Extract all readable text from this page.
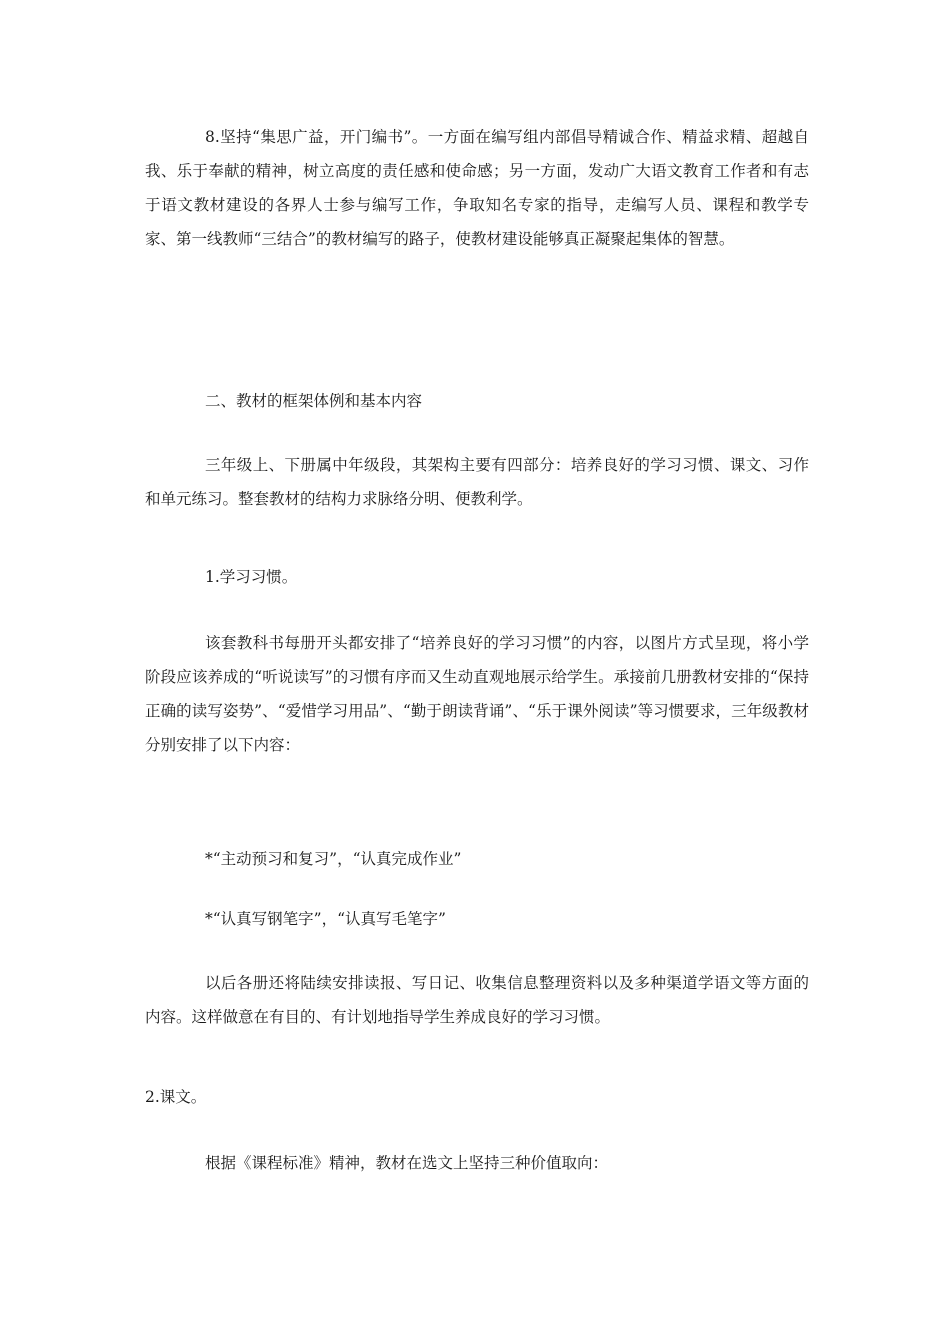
8.坚持“集思广益，开门编书”。一方面在编写组内部倡导精诚合作、精益求精、超越自我、乐于奉献的精神，树立高度的责任感和使命感；另一方面，发动广大语文教育工作者和有志于语文教材建设的各界人士参与编写工作，争取知名专家的指导，走编写人员、课程和教学专家、第一线教师“三结合”的教材编写的路子，使教材建设能够真正凝聚起集体的智慧。

二、教材的框架体例和基本内容

三年级上、下册属中年级段，其架构主要有四部分：培养良好的学习习惯、课文、习作和单元练习。整套教材的结构力求脉络分明、便教利学。

1.学习习惯。

该套教科书每册开头都安排了“培养良好的学习习惯”的内容，以图片方式呈现，将小学阶段应该养成的“听说读写”的习惯有序而又生动直观地展示给学生。承接前几册教材安排的“保持正确的读写姿势”、“爱惜学习用品”、“勤于朗读背诵”、“乐于课外阅读”等习惯要求，三年级教材分别安排了以下内容：

*“主动预习和复习”，“认真完成作业”

*“认真写钢笔字”，“认真写毛笔字”

以后各册还将陆续安排读报、写日记、收集信息整理资料以及多种渠道学语文等方面的内容。这样做意在有目的、有计划地指导学生养成良好的学习习惯。

2.课文。

根据《课程标准》精神，教材在选文上坚持三种价值取向：
